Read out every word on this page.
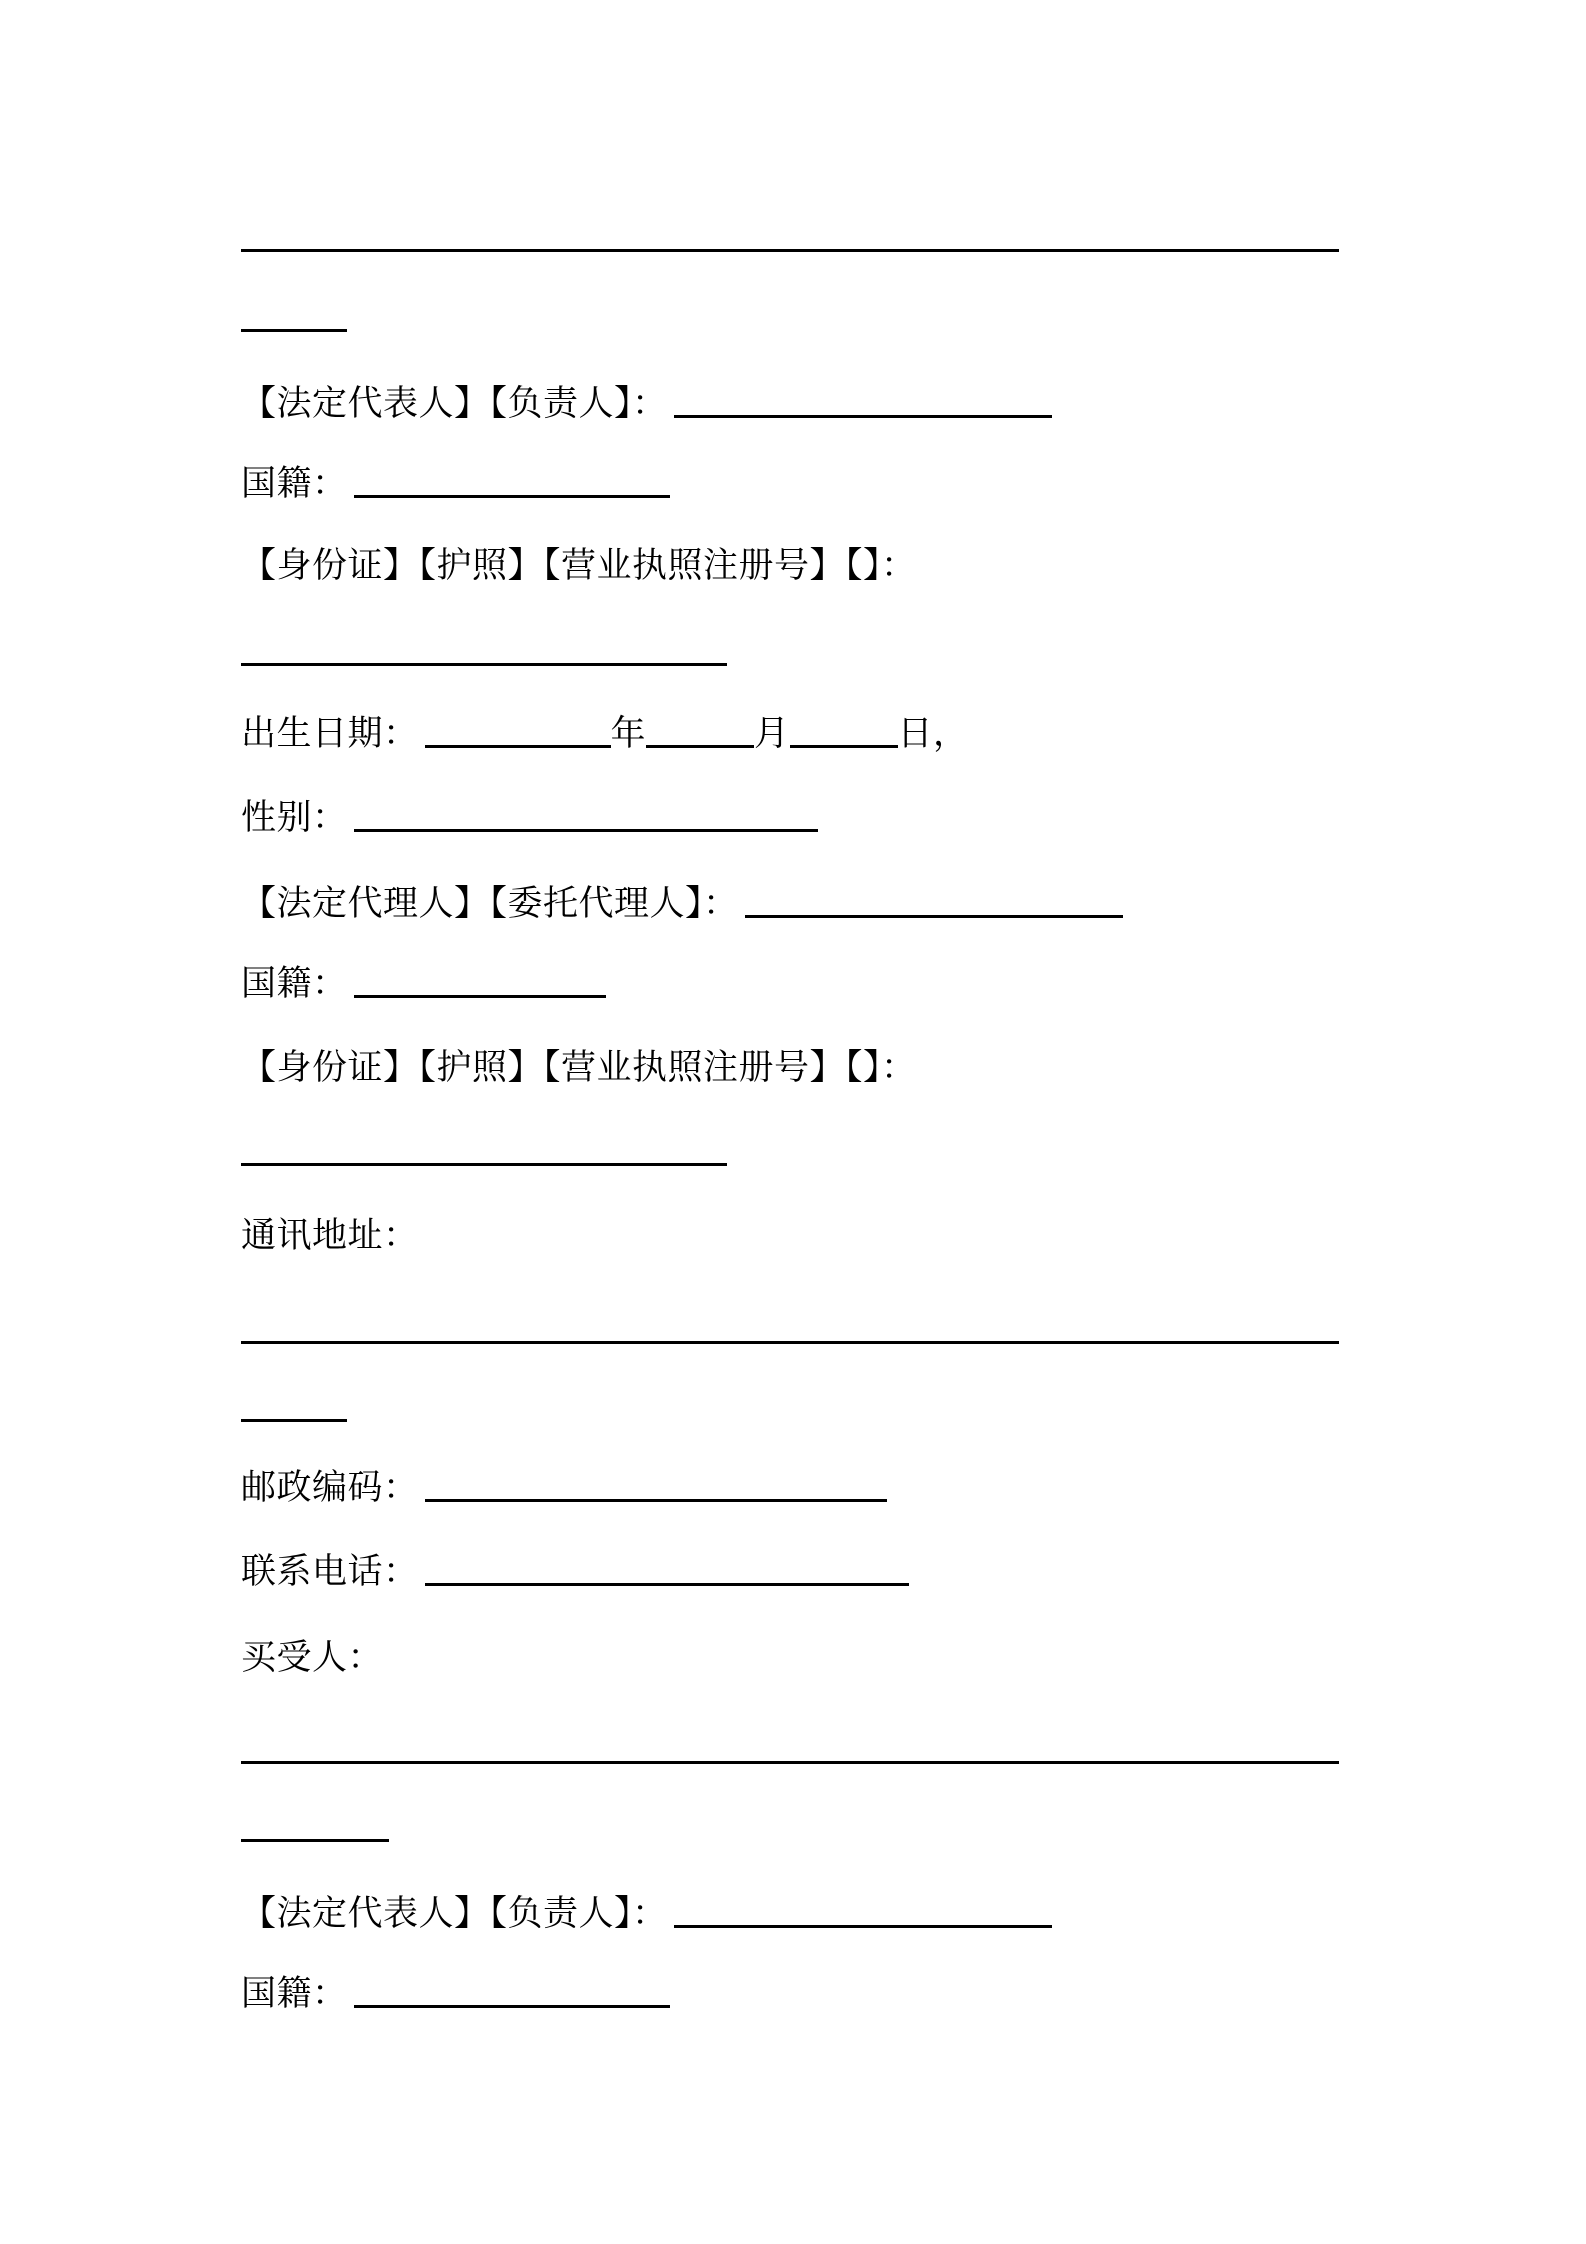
【法定代表人】【负责人】：
国籍：
【身份证】【护照】【营业执照注册号】【】：
出生日期：	年	月	日，
性别：
【法定代理人】【委托代理人】：
国籍：
【身份证】【护照】【营业执照注册号】【】：
通讯地址：
邮政编码：
联系电话：
买受人：
【法定代表人】【负责人】：
国籍：
